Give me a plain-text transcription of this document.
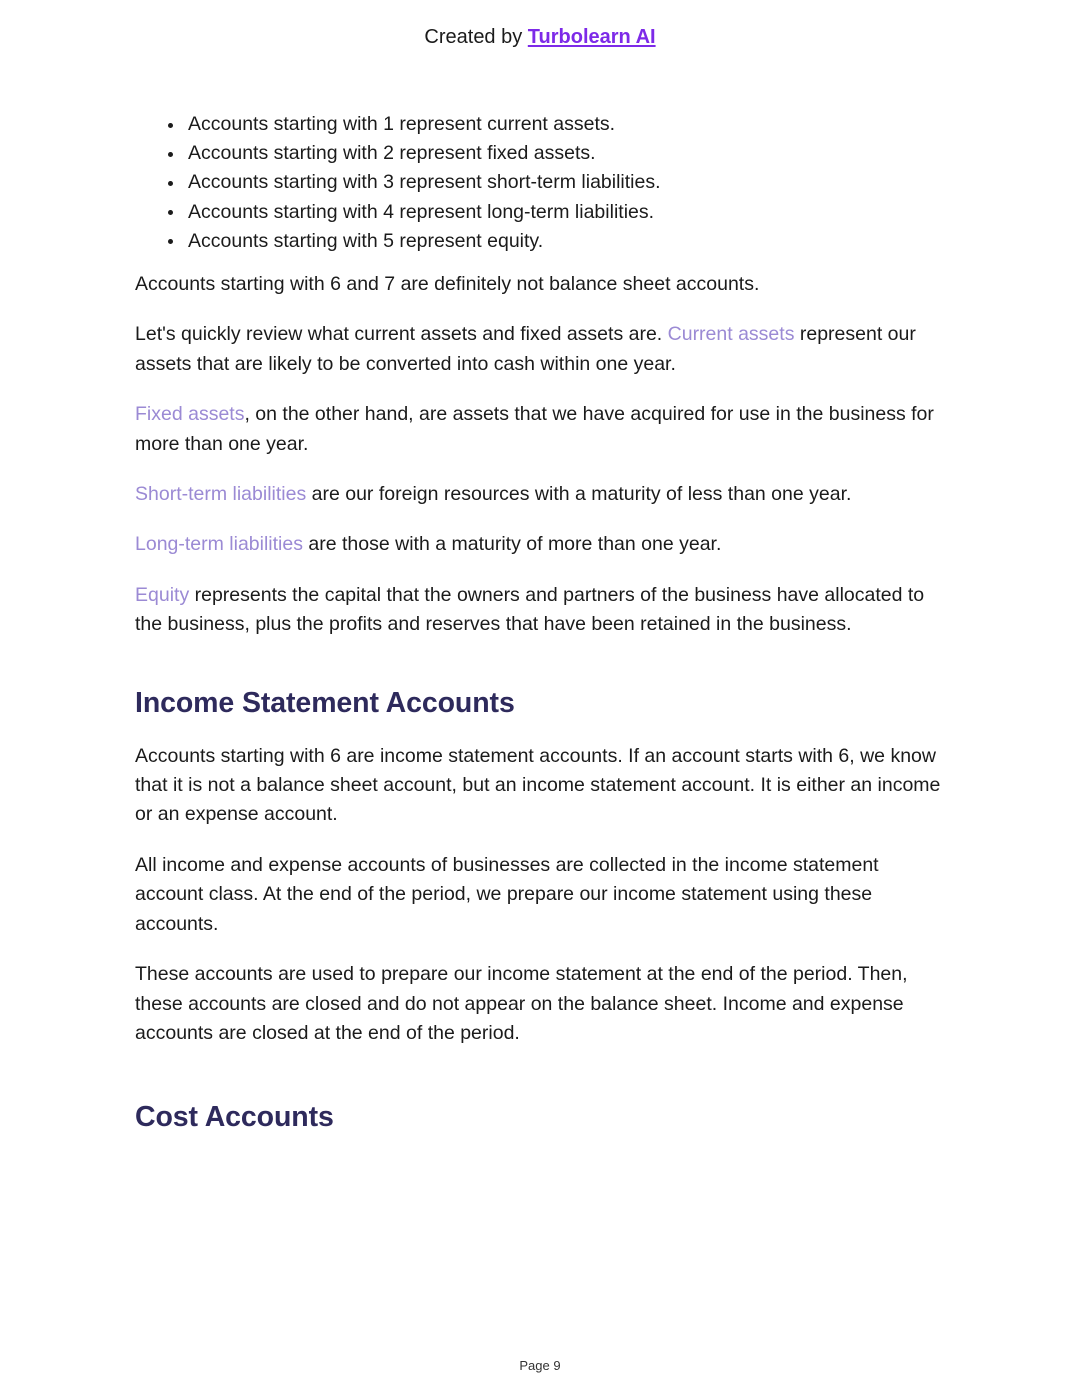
Created by Turbolearn AI
Accounts starting with 1 represent current assets.
Accounts starting with 2 represent fixed assets.
Accounts starting with 3 represent short-term liabilities.
Accounts starting with 4 represent long-term liabilities.
Accounts starting with 5 represent equity.

Accounts starting with 6 and 7 are definitely not balance sheet accounts.

Let's quickly review what current assets and fixed assets are. Current assets represent our assets that are likely to be converted into cash within one year.

Fixed assets, on the other hand, are assets that we have acquired for use in the business for more than one year.

Short-term liabilities are our foreign resources with a maturity of less than one year.

Long-term liabilities are those with a maturity of more than one year.

Equity represents the capital that the owners and partners of the business have allocated to the business, plus the profits and reserves that have been retained in the business.

Income Statement Accounts

Accounts starting with 6 are income statement accounts. If an account starts with 6, we know that it is not a balance sheet account, but an income statement account. It is either an income or an expense account.

All income and expense accounts of businesses are collected in the income statement account class. At the end of the period, we prepare our income statement using these accounts.

These accounts are used to prepare our income statement at the end of the period. Then, these accounts are closed and do not appear on the balance sheet. Income and expense accounts are closed at the end of the period.

Cost Accounts
Page 9
